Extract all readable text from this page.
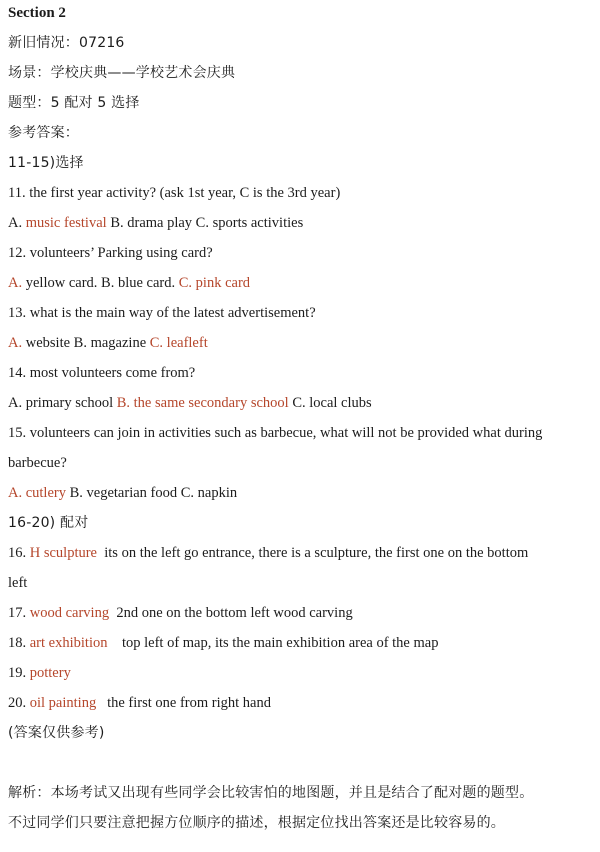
Section 2
新旧情况：07216
场景：学校庆典——学校艺术会庆典
题型：5 配对 5 选择
参考答案：
11-15)选择
11. the first year activity? (ask 1st year, C is the 3rd year)
A. music festival B. drama play C. sports activities
12. volunteers’ Parking using card?
A. yellow card. B. blue card. C. pink card
13. what is the main way of the latest advertisement?
A. website B. magazine C. leafleft
14. most volunteers come from?
A. primary school B. the same secondary school C. local clubs
15. volunteers can join in activities such as barbecue, what will not be provided what during
barbecue?
A. cutlery B. vegetarian food C. napkin
16-20) 配对
16. H sculpture  its on the left go entrance, there is a sculpture, the first one on the bottom
left
17. wood carving  2nd one on the bottom left wood carving
18. art exhibition    top left of map, its the main exhibition area of the map
19. pottery
20. oil painting   the first one from right hand
(答案仅供参考)
解析：本场考试又出现有些同学会比较害怕的地图题，并且是结合了配对题的题型。
不过同学们只要注意把握方位顺序的描述，根据定位找出答案还是比较容易的。
